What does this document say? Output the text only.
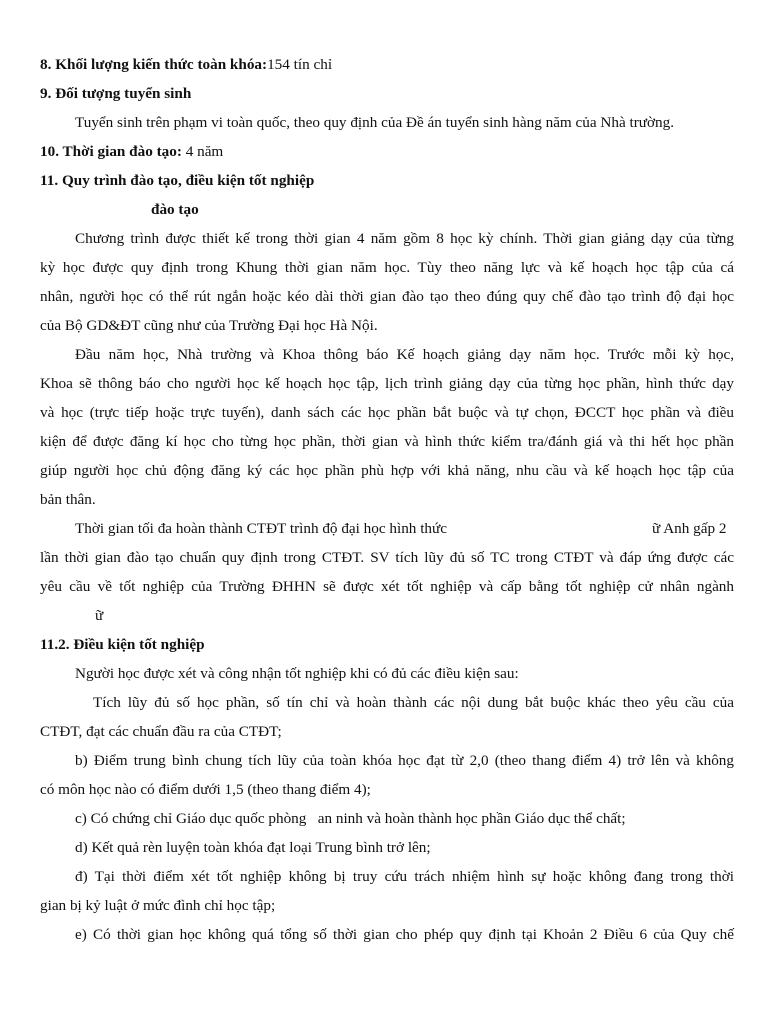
8. Khối lượng kiến thức toàn khóa:154 tín chỉ
9. Đối tượng tuyển sinh
Tuyển sinh trên phạm vi toàn quốc, theo quy định của Đề án tuyển sinh hàng năm của Nhà trường.
10. Thời gian đào tạo: 4 năm
11. Quy trình đào tạo, điều kiện tốt nghiệp
đào tạo
Chương trình được thiết kế trong thời gian 4 năm gồm 8 học kỳ chính. Thời gian giảng dạy của từng
kỳ học được quy định trong Khung thời gian năm học. Tùy theo năng lực và kế hoạch học tập của cá
nhân, người học có thể rút ngắn hoặc kéo dài thời gian đào tạo theo đúng quy chế đào tạo trình độ đại học
của Bộ GD&ĐT cũng như của Trường Đại học Hà Nội.
Đầu năm học, Nhà trường và Khoa thông báo Kế hoạch giảng dạy năm học. Trước mỗi kỳ học,
Khoa sẽ thông báo cho người học kế hoạch học tập, lịch trình giảng dạy của từng học phần, hình thức dạy
và học (trực tiếp hoặc trực tuyến), danh sách các học phần bắt buộc và tự chọn, ĐCCT học phần và điều
kiện để được đăng kí học cho từng học phần, thời gian và hình thức kiểm tra/đánh giá và thi hết học phần
giúp người học chủ động đăng ký các học phần phù hợp với khả năng, nhu cầu và kế hoạch học tập của
bản thân.
Thời gian tối đa hoàn thành CTĐT trình độ đại học hình thức	ữ Anh gấp 2
lần thời gian đào tạo chuẩn quy định trong CTĐT. SV tích lũy đủ số TC trong CTĐT và đáp ứng được các
yêu cầu về tốt nghiệp của Trường ĐHHN sẽ được xét tốt nghiệp và cấp bằng tốt nghiệp cử nhân ngành
ữ
11.2. Điều kiện tốt nghiệp
Người học được xét và công nhận tốt nghiệp khi có đủ các điều kiện sau:
Tích lũy đủ số học phần, số tín chỉ và hoàn thành các nội dung bắt buộc khác theo yêu cầu của
CTĐT, đạt các chuẩn đầu ra của CTĐT;
b) Điểm trung bình chung tích lũy của toàn khóa học đạt từ 2,0 (theo thang điểm 4) trở lên và không
có môn học nào có điểm dưới 1,5 (theo thang điểm 4);
c) Có chứng chỉ Giáo dục quốc phòng   an ninh và hoàn thành học phần Giáo dục thể chất;
d) Kết quả rèn luyện toàn khóa đạt loại Trung bình trở lên;
đ) Tại thời điểm xét tốt nghiệp không bị truy cứu trách nhiệm hình sự hoặc không đang trong thời
gian bị kỷ luật ở mức đình chỉ học tập;
e) Có thời gian học không quá tổng số thời gian cho phép quy định tại Khoản 2 Điều 6 của Quy chế
